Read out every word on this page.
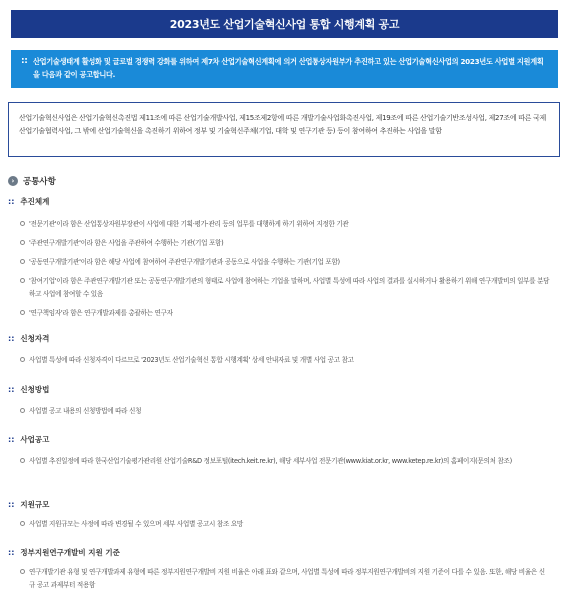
2023년도 산업기술혁신사업 통합 시행계획 공고
:: 산업기술생태계 활성화 및 글로벌 경쟁력 강화를 위하여 제7차 산업기술혁신계획에 의거 산업통상자원부가 추진하고 있는 산업기술혁신사업의 2023년도 사업별 지원계획을 다음과 같이 공고합니다.
산업기술혁신사업은 산업기술혁신촉진법 제11조에 따른 산업기술개발사업, 제15조제2항에 따른 개발기술사업화촉진사업, 제19조에 따른 산업기술기반조성사업, 제27조에 따른 국제산업기술협력사업, 그 밖에 산업기술혁신을 촉진하기 위하여 정부 및 기술혁신주체(기업, 대학 및 연구기관 등) 등이 참여하여 추진하는 사업을 말함
›	공통사항
:: 추진체계
'전문기관'이라 함은 산업통상자원부장관이 사업에 대한 기획·평가·관리 등의 업무를 대행하게 하기 위하여 지정한 기관
'주관연구개발기관'이라 함은 사업을 주관하여 수행하는 기관(기업 포함)
'공동연구개발기관'이라 함은 해당 사업에 참여하여 주관연구개발기관과 공동으로 사업을 수행하는 기관(기업 포함)
'참여기업'이라 함은 주관연구개발기관 또는 공동연구개발기관의 형태로 사업에 참여하는 기업을 말하며, 사업별 특성에 따라 사업의 결과를 실시하거나 활용하기 위해 연구개발비의 일부를 분담하고 사업에 참여할 수 있음
'연구책임자'라 함은 연구개발과제를 총괄하는 연구자
:: 신청자격
사업별 특성에 따라 신청자격이 다르므로 '2023년도 산업기술혁신 통합 시행계획' 상세 안내자료 및 개별 사업 공고 참고
:: 신청방법
사업별 공고 내용의 신청방법에 따라 신청
:: 사업공고
사업별 추진일정에 따라 한국산업기술평가관리원 산업기술R&D 정보포털(itech.keit.re.kr), 해당 세부사업 전문기관(www.kiat.or.kr, www.ketep.re.kr)의 홈페이지(문의처 참조)
:: 지원규모
사업별 지원규모는 사정에 따라 변경될 수 있으며 세부 사업별 공고시 참조 요망
:: 정부지원연구개발비 지원 기준
연구개발기관 유형 및 연구개발과제 유형에 따른 정부지원연구개발비 지원 비율은 아래 표와 같으며, 사업별 특성에 따라 정부지원연구개발비의 지원 기준이 다를 수 있음. 또한, 해당 비율은 신규 공고 과제부터 적용함
